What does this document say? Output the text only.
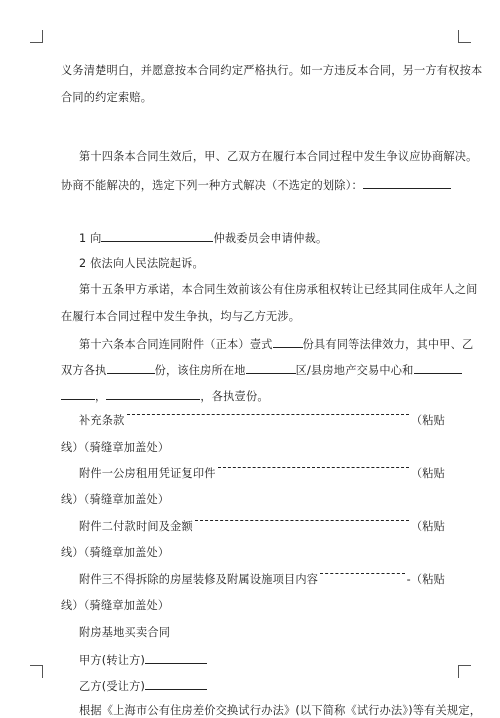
义务清楚明白，并愿意按本合同约定严格执行。如一方违反本合同，另一方有权按本
合同的约定索赔。
第十四条本合同生效后，甲、乙双方在履行本合同过程中发生争议应协商解决。
协商不能解决的，选定下列一种方式解决（不选定的划除）：
1 向	仲裁委员会申请仲裁。
2 依法向人民法院起诉。
第十五条甲方承诺，本合同生效前该公有住房承租权转让已经其同住成年人之间
在履行本合同过程中发生争执，均与乙方无涉。
第十六条本合同连同附件（正本）壹式	份具有同等法律效力，其中甲、乙
双方各执	份，该住房所在地	区/县房地产交易中心和
，	，各执壹份。
补充条款	（粘贴
线）（骑缝章加盖处）
附件一公房租用凭证复印件	（粘贴
线）（骑缝章加盖处）
附件二付款时间及金额	（粘贴
线）（骑缝章加盖处）
附件三不得拆除的房屋装修及附属设施项目内容	-（粘贴
线）（骑缝章加盖处）
附房基地买卖合同
甲方(转让方)
乙方(受让方)
根据《上海市公有住房差价交换试行办法》(以下简称《试行办法》)等有关规定，
